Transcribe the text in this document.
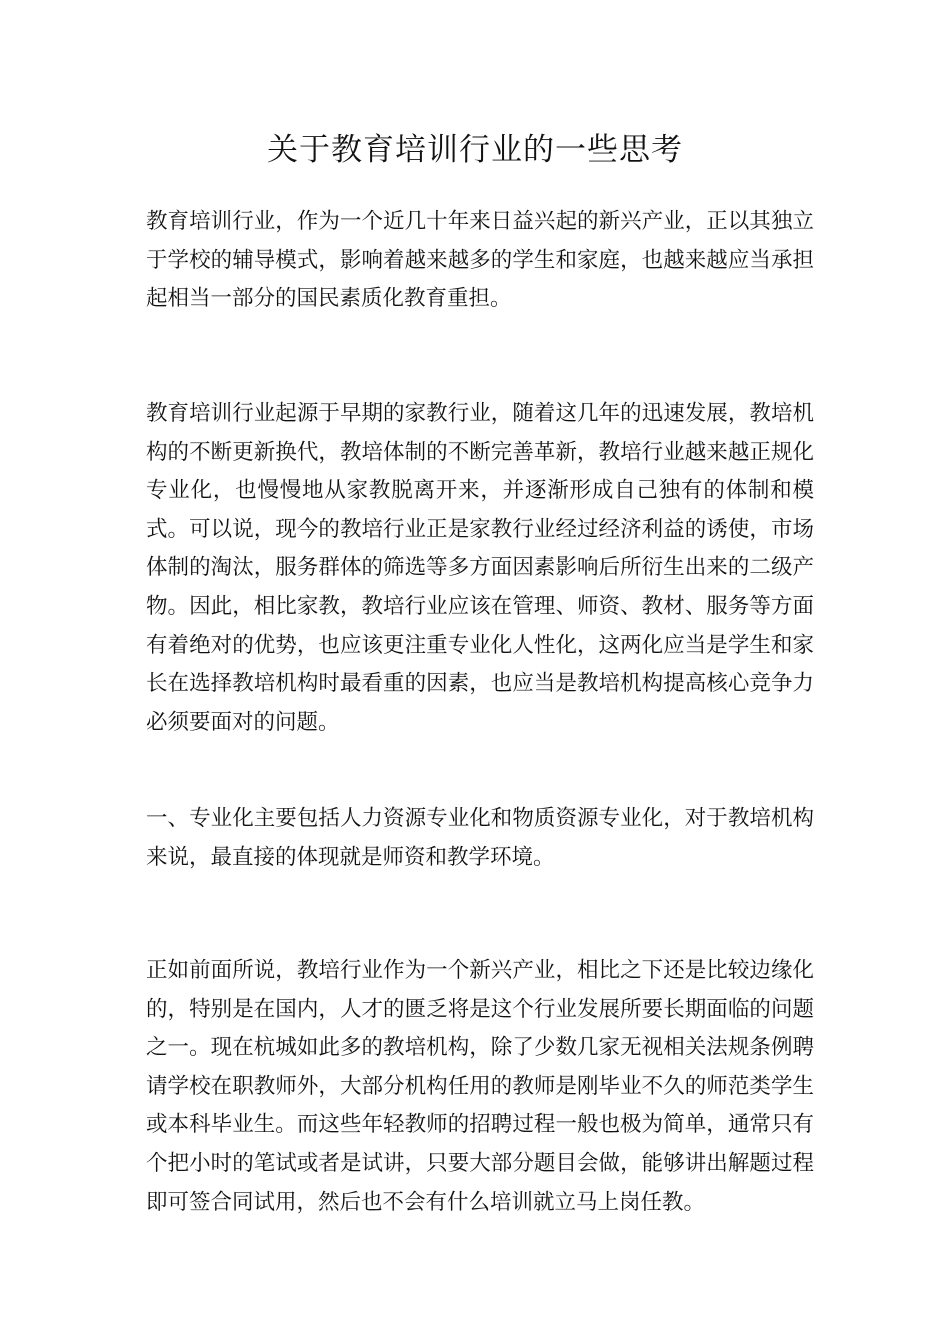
关于教育培训行业的一些思考

教育培训行业，作为一个近几十年来日益兴起的新兴产业，正以其独立于学校的辅导模式，影响着越来越多的学生和家庭，也越来越应当承担起相当一部分的国民素质化教育重担。

教育培训行业起源于早期的家教行业，随着这几年的迅速发展，教培机构的不断更新换代，教培体制的不断完善革新，教培行业越来越正规化专业化，也慢慢地从家教脱离开来，并逐渐形成自己独有的体制和模式。可以说，现今的教培行业正是家教行业经过经济利益的诱使，市场体制的淘汰，服务群体的筛选等多方面因素影响后所衍生出来的二级产物。因此，相比家教，教培行业应该在管理、师资、教材、服务等方面有着绝对的优势，也应该更注重专业化人性化，这两化应当是学生和家长在选择教培机构时最看重的因素，也应当是教培机构提高核心竞争力必须要面对的问题。

一、专业化主要包括人力资源专业化和物质资源专业化，对于教培机构来说，最直接的体现就是师资和教学环境。

正如前面所说，教培行业作为一个新兴产业，相比之下还是比较边缘化的，特别是在国内，人才的匮乏将是这个行业发展所要长期面临的问题之一。现在杭城如此多的教培机构，除了少数几家无视相关法规条例聘请学校在职教师外，大部分机构任用的教师是刚毕业不久的师范类学生或本科毕业生。而这些年轻教师的招聘过程一般也极为简单，通常只有个把小时的笔试或者是试讲，只要大部分题目会做，能够讲出解题过程即可签合同试用，然后也不会有什么培训就立马上岗任教。
